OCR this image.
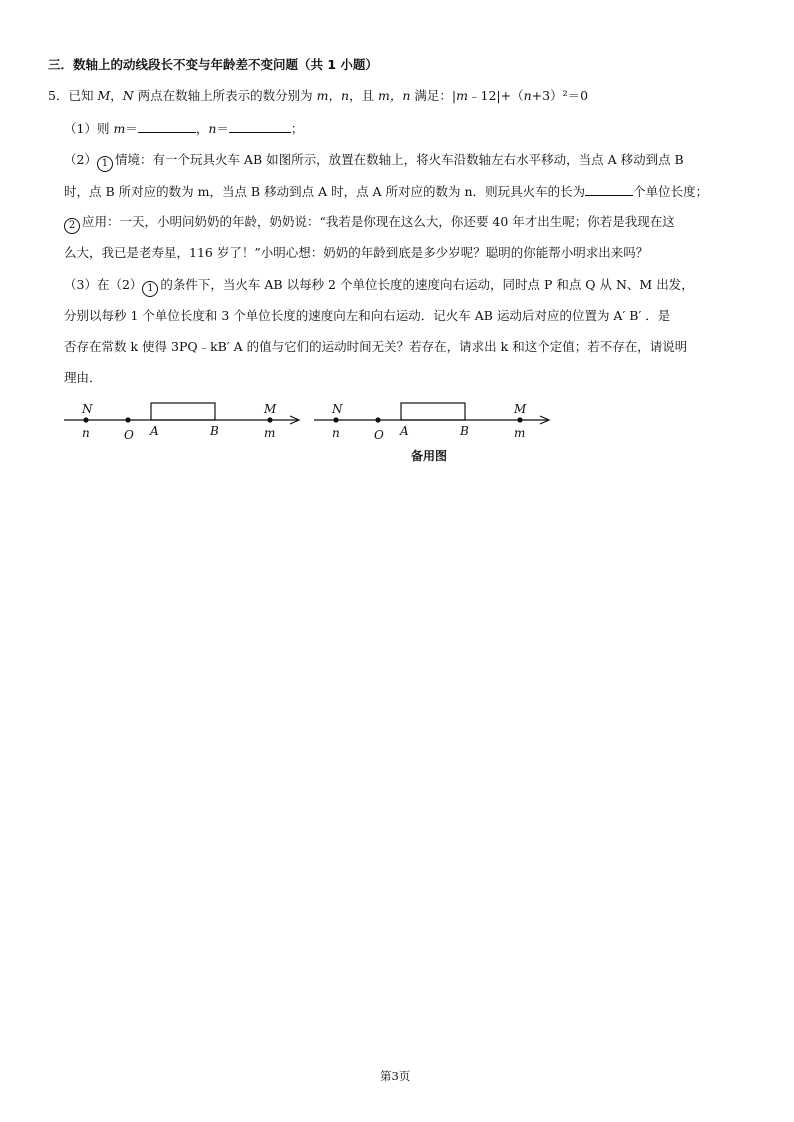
三．数轴上的动线段长不变与年龄差不变问题（共 1 小题）
5．已知 M，N 两点在数轴上所表示的数分别为 m，n，且 m，n 满足：|m﹣12|+（n+3）²＝0
（1）则 m＝	，n＝	；
（2） 1 情境：有一个玩具火车 AB 如图所示，放置在数轴上，将火车沿数轴左右水平移动，当点 A 移动到点 B
时，点 B 所对应的数为 m，当点 B 移动到点 A 时，点 A 所对应的数为 n．则玩具火车的长为	个单位长度；
2 应用：一天，小明问奶奶的年龄，奶奶说：“我若是你现在这么大，你还要 40 年才出生呢；你若是我现在这
么大，我已是老寿星，116 岁了！”小明心想：奶奶的年龄到底是多少岁呢？聪明的你能帮小明求出来吗？
（3）在（2） 1 的条件下，当火车 AB 以每秒 2 个单位长度的速度向右运动，同时点 P 和点 Q 从 N、M 出发，
分别以每秒 1 个单位长度和 3 个单位长度的速度向左和向右运动．记火车 AB 运动后对应的位置为 A′ B′ ．是
否存在常数 k 使得 3PQ﹣kB′ A 的值与它们的运动时间无关？若存在，请求出 k 和这个定值；若不存在，请说明
理由．
N	M
n	O A	B	m
N	M
n	O A	B	m
备用图
第3页
